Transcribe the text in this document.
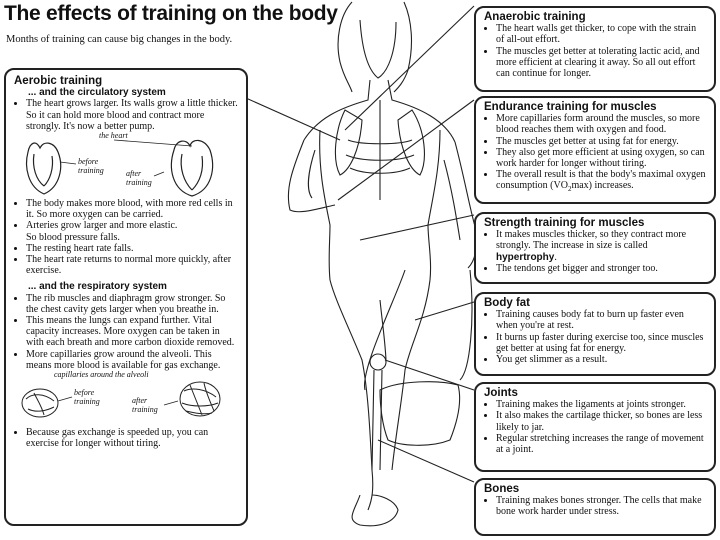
The effects of training on the body
Months of training can cause big changes in the body.
Aerobic training
... and the circulatory system
• The heart grows larger. Its walls grow a little thicker. So it can hold more blood and contract more strongly. It's now a better pump.
the heart
before training	after training
• The body makes more blood, with more red cells in it. So more oxygen can be carried.
• Arteries grow larger and more elastic.
So blood pressure falls.
• The resting heart rate falls.
• The heart rate returns to normal more quickly, after exercise.
... and the respiratory system
• The rib muscles and diaphragm grow stronger. So the chest cavity gets larger when you breathe in.
• This means the lungs can expand further. Vital capacity increases. More oxygen can be taken in with each breath and more carbon dioxide removed.
• More capillaries grow around the alveoli. This means more blood is available for gas exchange.
capillaries around the alveoli
before training	after training
• Because gas exchange is speeded up, you can exercise for longer without tiring.
Anaerobic training
• The heart walls get thicker, to cope with the strain of all-out effort.
• The muscles get better at tolerating lactic acid, and more efficient at clearing it away. So all out effort can continue for longer.
Endurance training for muscles
• More capillaries form around the muscles, so more blood reaches them with oxygen and food.
• The muscles get better at using fat for energy.
• They also get more efficient at using oxygen, so can work harder for longer without tiring.
• The overall result is that the body's maximal oxygen consumption $(VO_2\max)$ increases.
Strength training for muscles
• It makes muscles thicker, so they contract more strongly. The increase in size is called hypertrophy.
• The tendons get bigger and stronger too.
Body fat
• Training causes body fat to burn up faster even when you're at rest.
• It burns up faster during exercise too, since muscles get better at using fat for energy.
• You get slimmer as a result.
Joints
• Training makes the ligaments at joints stronger.
• It also makes the cartilage thicker, so bones are less likely to jar.
• Regular stretching increases the range of movement at a joint.
Bones
• Training makes bones stronger. The cells that make bone work harder under stress.
